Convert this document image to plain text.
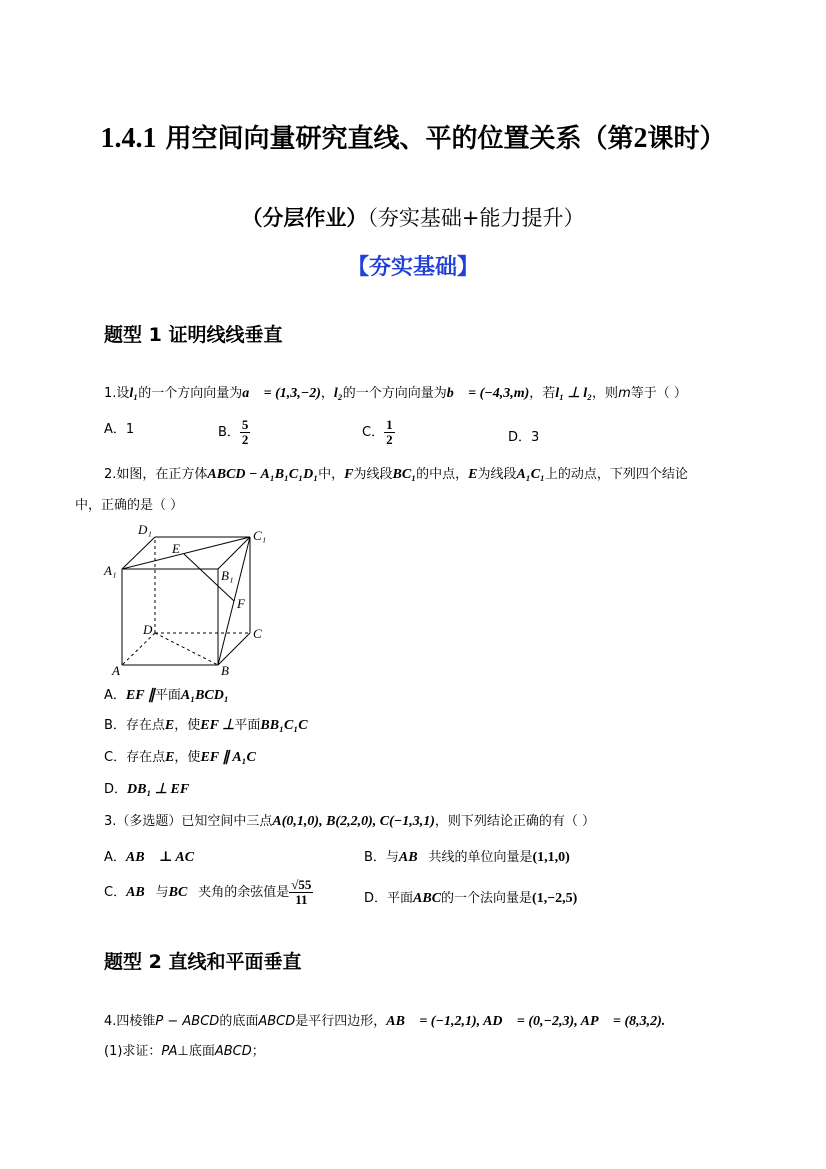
1.4.1 用空间向量研究直线、平的位置关系（第2课时）
（分层作业）（夯实基础+能力提升）
【夯实基础】
题型 1 证明线线垂直
1.设l₁的一个方向向量为a⃗ = (1,3,−2)，l₂的一个方向向量为b⃗ = (−4,3,m)，若l₁ ⊥ l₂，则m等于（ ）
A．1	B． $\frac{5}{2}$	C． $\frac{1}{2}$	D．3
2.如图，在正方体ABCD − A₁B₁C₁D₁中，F为线段BC₁的中点，E为线段A₁C₁上的动点，下列四个结论
中，正确的是（ ）
D₁	C₁
E
A₁	B₁
F
D	C
A	B
A．EF ∥平面A₁BCD₁
B．存在点E，使EF ⊥平面BB₁C₁C
C．存在点E，使EF ∥ A₁C
D．DB₁ ⊥ EF
3.（多选题）已知空间中三点A(0,1,0), B(2,2,0), C(−1,3,1)，则下列结论正确的有（ ）
A．AB⃗ ⊥ AC⃗	B．与AB⃗共线的单位向量是(1,1,0)
C．AB⃗与BC⃗夹角的余弦值是 $\frac{√55}{11}$	D．平面ABC的一个法向量是(1,−2,5)
题型 2 直线和平面垂直
4.四棱锥P − ABCD的底面ABCD是平行四边形，AB⃗ = (−1,2,1), AD⃗ = (0,−2,3), AP⃗ = (8,3,2).
(1)求证：PA⊥底面ABCD；
